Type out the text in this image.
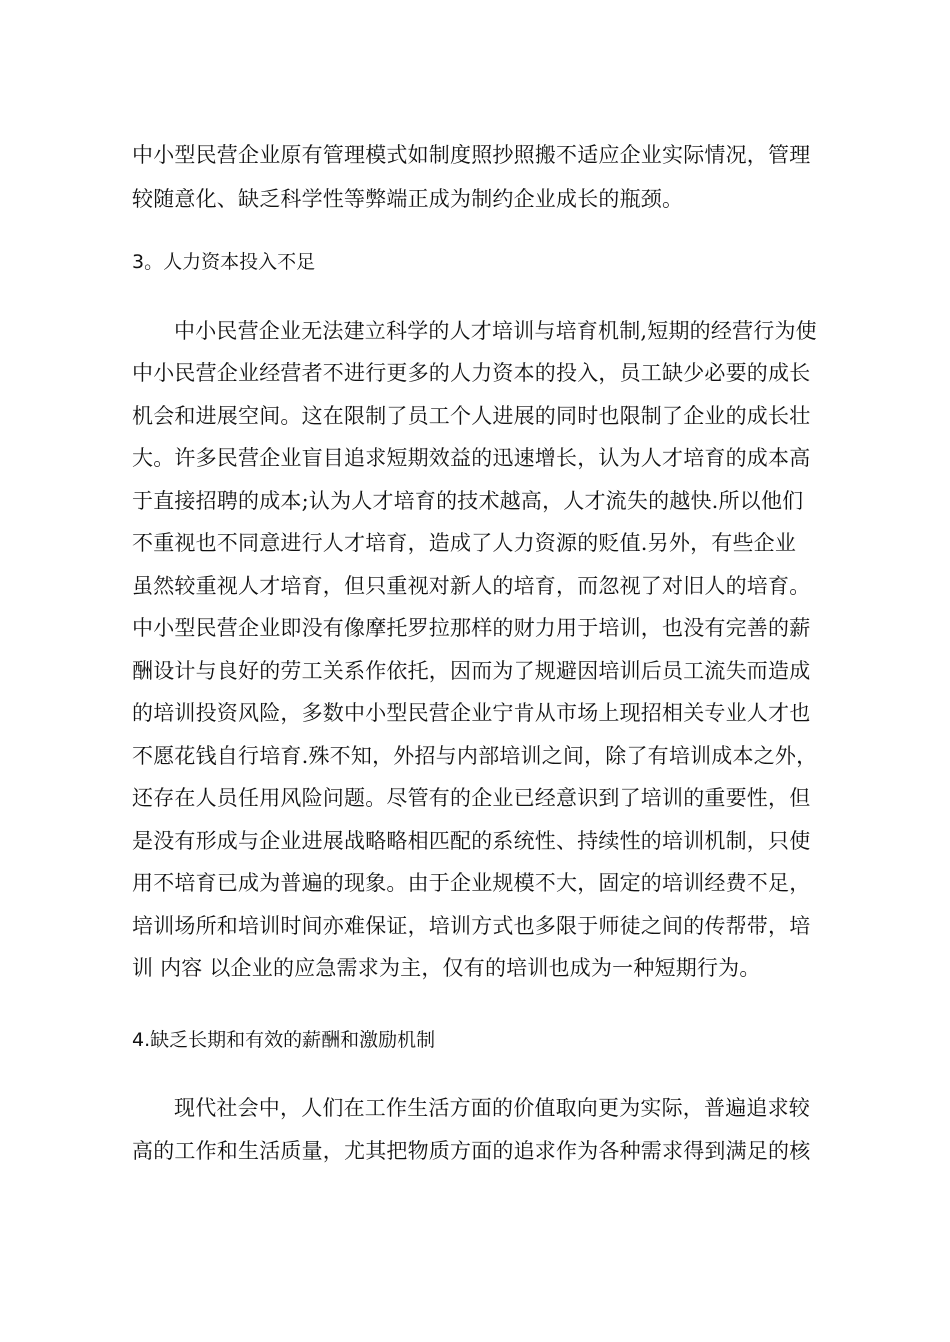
中小型民营企业原有管理模式如制度照抄照搬不适应企业实际情况，管理
较随意化、缺乏科学性等弊端正成为制约企业成长的瓶颈。
3。人力资本投入不足
中小民营企业无法建立科学的人才培训与培育机制,短期的经营行为使
中小民营企业经营者不进行更多的人力资本的投入，员工缺少必要的成长
机会和进展空间。这在限制了员工个人进展的同时也限制了企业的成长壮
大。许多民营企业盲目追求短期效益的迅速增长，认为人才培育的成本高
于直接招聘的成本;认为人才培育的技术越高，人才流失的越快.所以他们
不重视也不同意进行人才培育，造成了人力资源的贬值.另外，有些企业
虽然较重视人才培育，但只重视对新人的培育，而忽视了对旧人的培育。
中小型民营企业即没有像摩托罗拉那样的财力用于培训，也没有完善的薪
酬设计与良好的劳工关系作依托，因而为了规避因培训后员工流失而造成
的培训投资风险，多数中小型民营企业宁肯从市场上现招相关专业人才也
不愿花钱自行培育.殊不知，外招与内部培训之间，除了有培训成本之外，
还存在人员任用风险问题。尽管有的企业已经意识到了培训的重要性，但
是没有形成与企业进展战略略相匹配的系统性、持续性的培训机制，只使
用不培育已成为普遍的现象。由于企业规模不大，固定的培训经费不足，
培训场所和培训时间亦难保证，培训方式也多限于师徒之间的传帮带，培
训 内容 以企业的应急需求为主，仅有的培训也成为一种短期行为。
4.缺乏长期和有效的薪酬和激励机制
现代社会中，人们在工作生活方面的价值取向更为实际，普遍追求较
高的工作和生活质量，尤其把物质方面的追求作为各种需求得到满足的核
